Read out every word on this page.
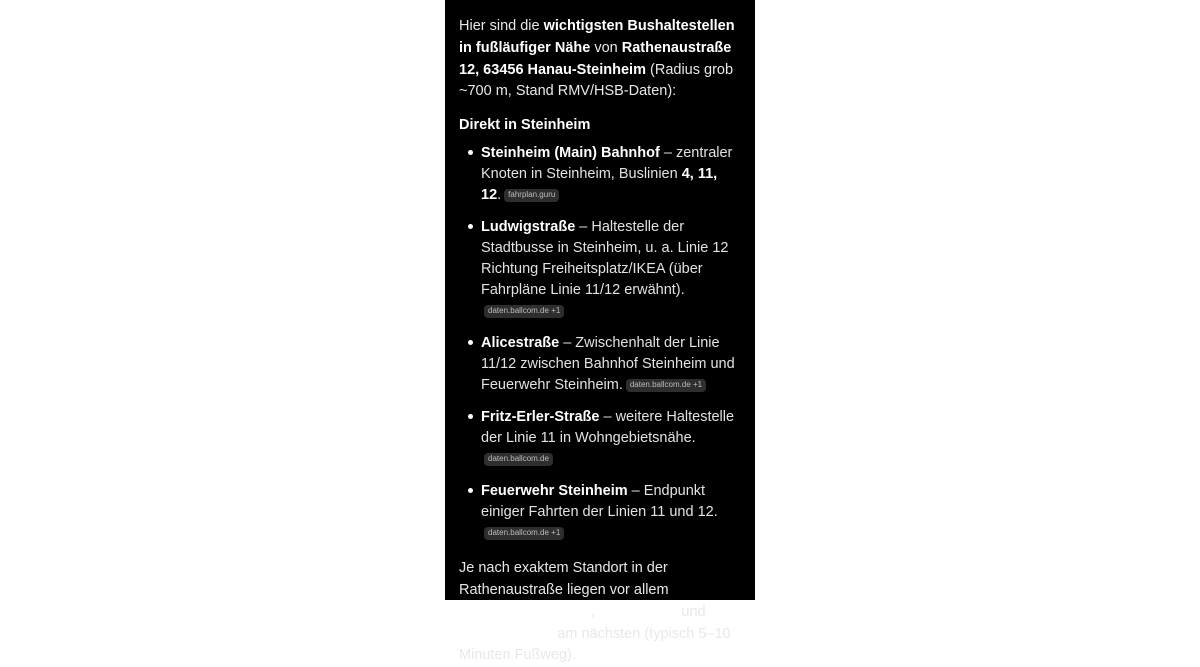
Hier sind die wichtigsten Bushaltestellen in fußläufiger Nähe von Rathenaustraße 12, 63456 Hanau-Steinheim (Radius grob ~700 m, Stand RMV/HSB-Daten):

Direkt in Steinheim
Steinheim (Main) Bahnhof – zentraler Knoten in Steinheim, Buslinien 4, 11, 12. fahrplan.guru
Ludwigstraße – Haltestelle der Stadtbusse in Steinheim, u. a. Linie 12 Richtung Freiheitsplatz/IKEA (über Fahrpläne Linie 11/12 erwähnt).daten.ballcom.de +1
Alicestraße – Zwischenhalt der Linie 11/12 zwischen Bahnhof Steinheim und Feuerwehr Steinheim. daten.ballcom.de +1
Fritz-Erler-Straße – weitere Haltestelle der Linie 11 in Wohngebietsnähe.daten.ballcom.de
Feuerwehr Steinheim – Endpunkt einiger Fahrten der Linien 11 und 12.daten.ballcom.de +1

Je nach exaktem Standort in der Rathenaustraße liegen vor allem Steinheim Bahnhof, Alicestraße und Ludwigstraße am nächsten (typisch 5–10 Minuten Fußweg).
